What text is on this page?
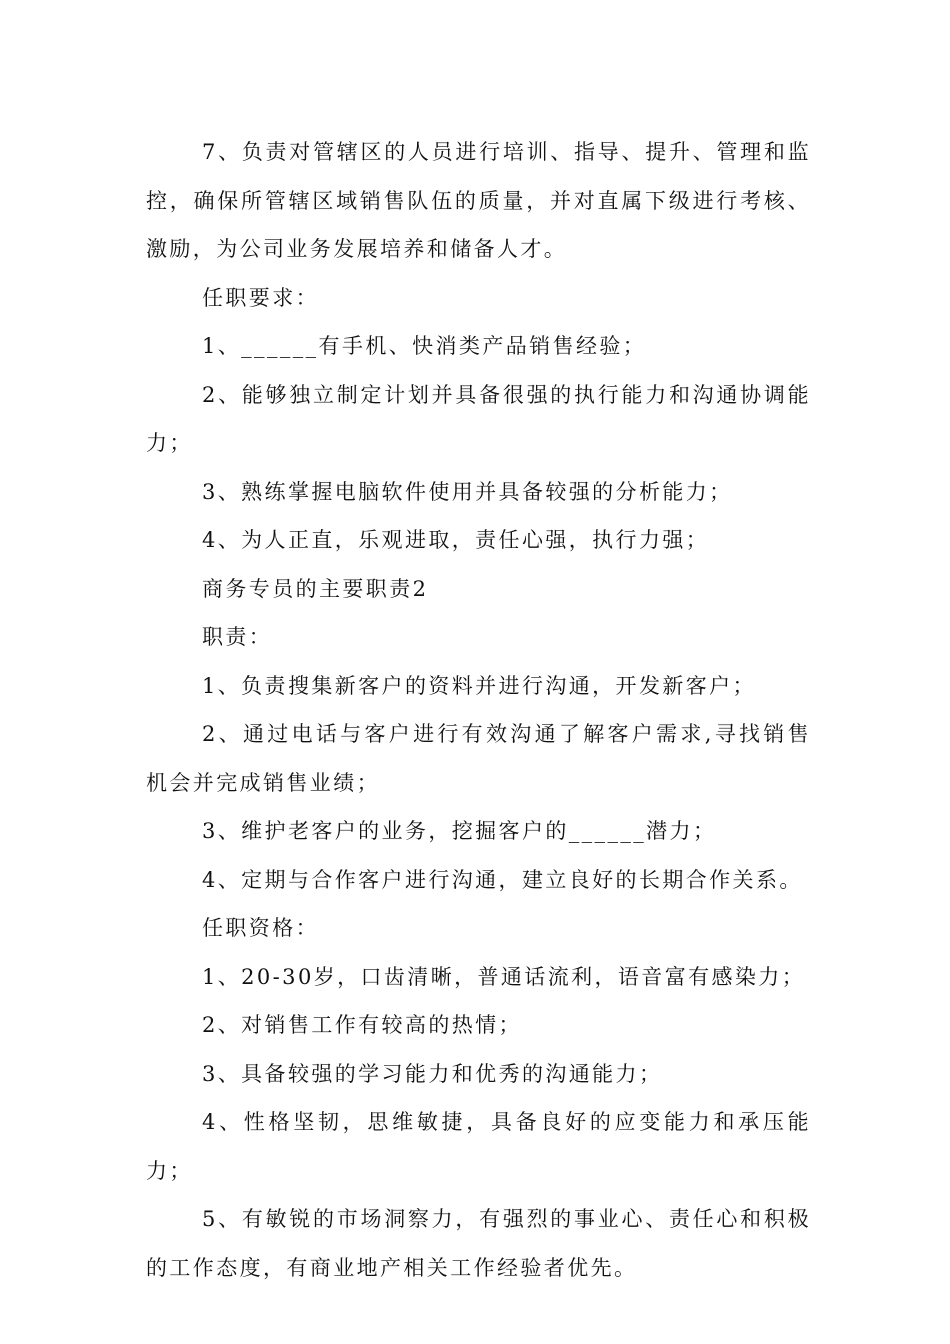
7、负责对管辖区的人员进行培训、指导、提升、管理和监控，确保所管辖区域销售队伍的质量，并对直属下级进行考核、激励，为公司业务发展培养和储备人才。

任职要求：

1、______有手机、快消类产品销售经验；

2、能够独立制定计划并具备很强的执行能力和沟通协调能力；

3、熟练掌握电脑软件使用并具备较强的分析能力；

4、为人正直，乐观进取，责任心强，执行力强；

商务专员的主要职责2

职责：

1、负责搜集新客户的资料并进行沟通，开发新客户；

2、通过电话与客户进行有效沟通了解客户需求,寻找销售机会并完成销售业绩；

3、维护老客户的业务，挖掘客户的______潜力；

4、定期与合作客户进行沟通，建立良好的长期合作关系。

任职资格：

1、20-30岁，口齿清晰，普通话流利，语音富有感染力；

2、对销售工作有较高的热情；

3、具备较强的学习能力和优秀的沟通能力；

4、性格坚韧，思维敏捷，具备良好的应变能力和承压能力；

5、有敏锐的市场洞察力，有强烈的事业心、责任心和积极的工作态度，有商业地产相关工作经验者优先。
